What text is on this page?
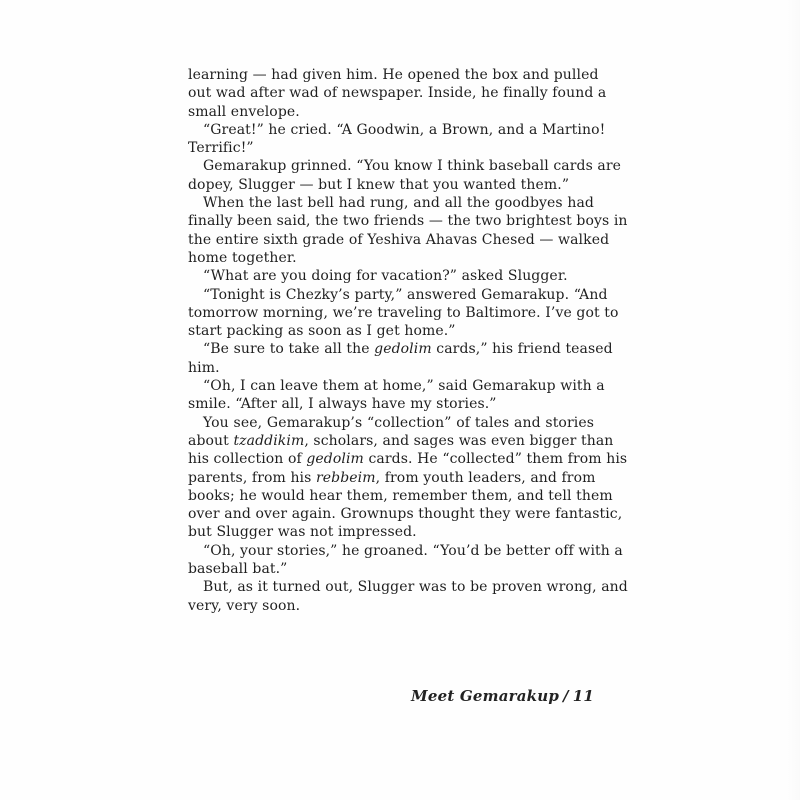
learning — had given him. He opened the box and pulled
out wad after wad of newspaper. Inside, he finally found a
small envelope.
“Great!” he cried. “A Goodwin, a Brown, and a Martino!
Terrific!”
Gemarakup grinned. “You know I think baseball cards are
dopey, Slugger — but I knew that you wanted them.”
When the last bell had rung, and all the goodbyes had
finally been said, the two friends — the two brightest boys in
the entire sixth grade of Yeshiva Ahavas Chesed — walked
home together.
“What are you doing for vacation?” asked Slugger.
“Tonight is Chezky’s party,” answered Gemarakup. “And
tomorrow morning, we’re traveling to Baltimore. I’ve got to
start packing as soon as I get home.”
“Be sure to take all the gedolim cards,” his friend teased
him.
“Oh, I can leave them at home,” said Gemarakup with a
smile. “After all, I always have my stories.”
You see, Gemarakup’s “collection” of tales and stories
about tzaddikim, scholars, and sages was even bigger than
his collection of gedolim cards. He “collected” them from his
parents, from his rebbeim, from youth leaders, and from
books; he would hear them, remember them, and tell them
over and over again. Grownups thought they were fantastic,
but Slugger was not impressed.
“Oh, your stories,” he groaned. “You’d be better off with a
baseball bat.”
But, as it turned out, Slugger was to be proven wrong, and
very, very soon.
Meet Gemarakup / 11
